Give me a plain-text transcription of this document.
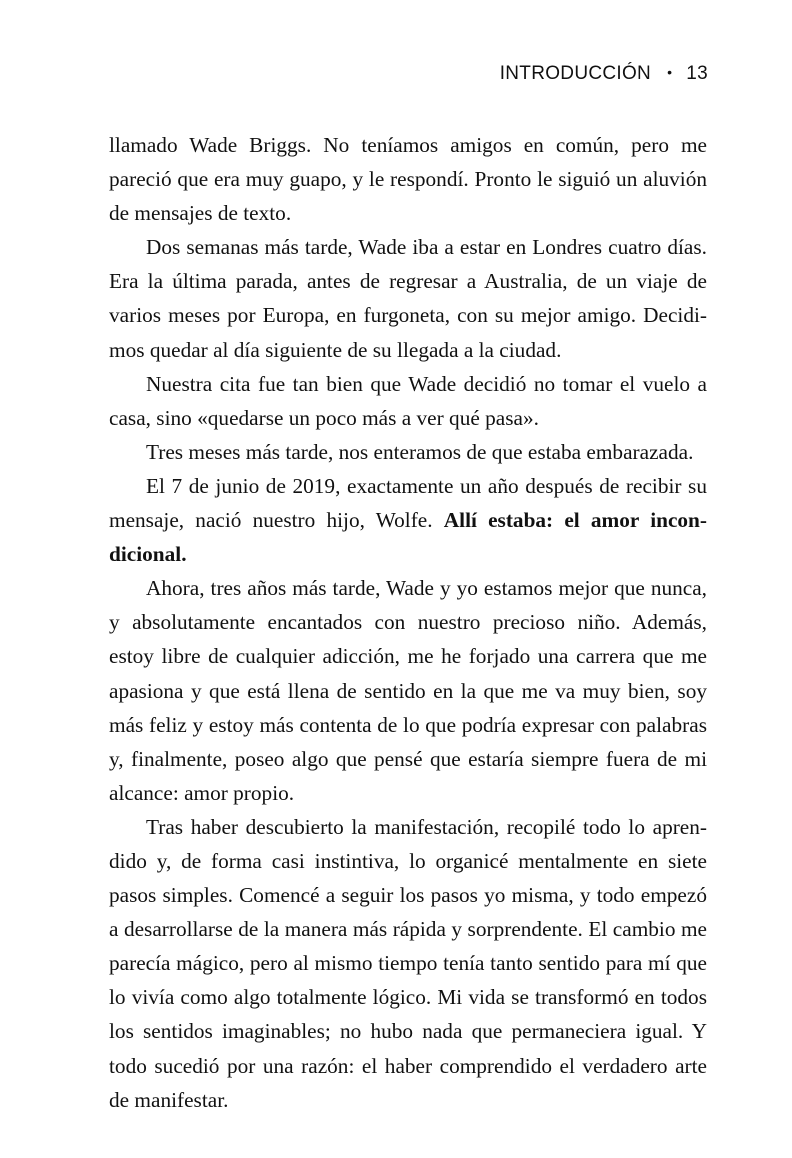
INTRODUCCIÓN • 13

llamado Wade Briggs. No teníamos amigos en común, pero me pareció que era muy guapo, y le respondí. Pronto le siguió un aluvión de mensajes de texto.

Dos semanas más tarde, Wade iba a estar en Londres cuatro días. Era la última parada, antes de regresar a Australia, de un viaje de varios meses por Europa, en furgoneta, con su mejor amigo. Decidimos quedar al día siguiente de su llegada a la ciudad.

Nuestra cita fue tan bien que Wade decidió no tomar el vuelo a casa, sino «quedarse un poco más a ver qué pasa».

Tres meses más tarde, nos enteramos de que estaba embarazada.

El 7 de junio de 2019, exactamente un año después de recibir su mensaje, nació nuestro hijo, Wolfe. Allí estaba: el amor incondicional.

Ahora, tres años más tarde, Wade y yo estamos mejor que nunca, y absolutamente encantados con nuestro precioso niño. Además, estoy libre de cualquier adicción, me he forjado una carrera que me apasiona y que está llena de sentido en la que me va muy bien, soy más feliz y estoy más contenta de lo que podría expresar con palabras y, finalmente, poseo algo que pensé que estaría siempre fuera de mi alcance: amor propio.

Tras haber descubierto la manifestación, recopilé todo lo aprendido y, de forma casi instintiva, lo organicé mentalmente en siete pasos simples. Comencé a seguir los pasos yo misma, y todo empezó a desarrollarse de la manera más rápida y sorprendente. El cambio me parecía mágico, pero al mismo tiempo tenía tanto sentido para mí que lo vivía como algo totalmente lógico. Mi vida se transformó en todos los sentidos imaginables; no hubo nada que permaneciera igual. Y todo sucedió por una razón: el haber comprendido el verdadero arte de manifestar.
